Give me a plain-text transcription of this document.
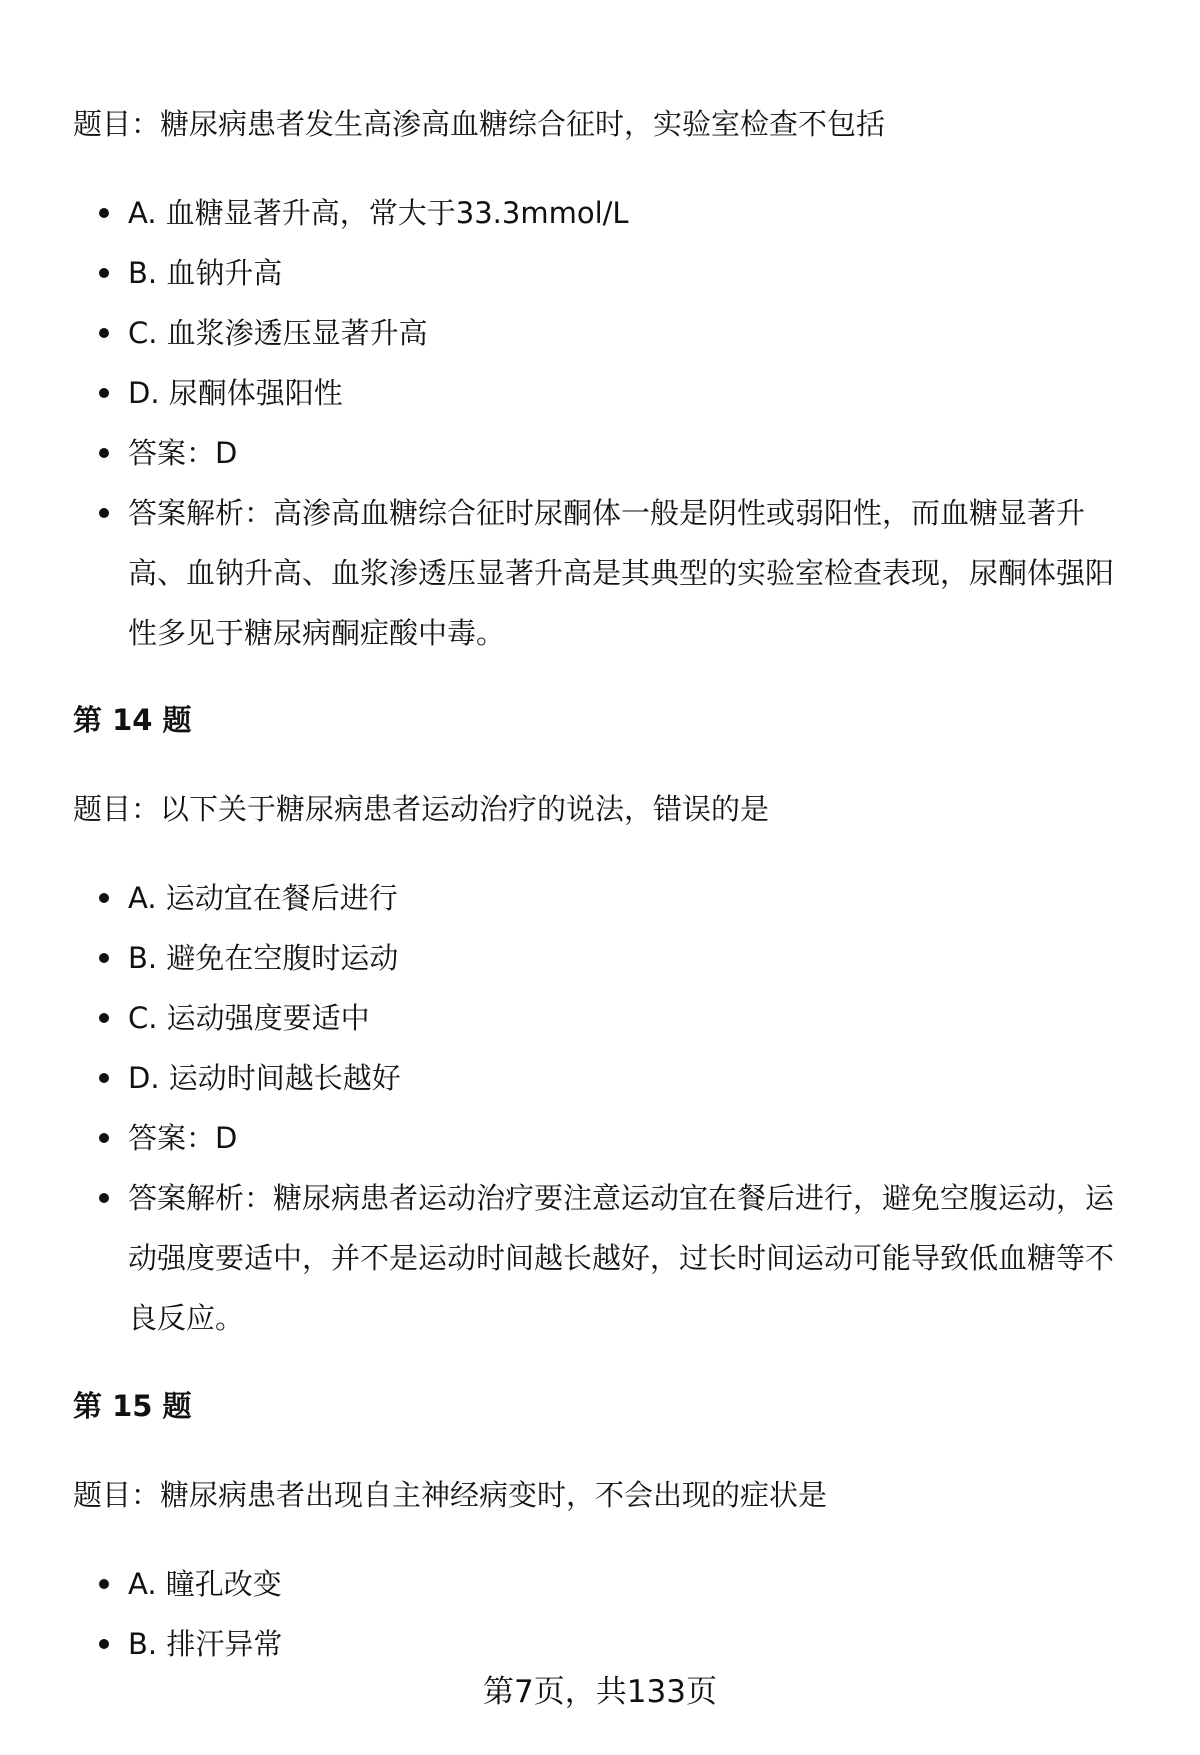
题目：糖尿病患者发生高渗高血糖综合征时，实验室检查不包括
A. 血糖显著升高，常大于33.3mmol/L
B. 血钠升高
C. 血浆渗透压显著升高
D. 尿酮体强阳性
答案：D
答案解析：高渗高血糖综合征时尿酮体一般是阴性或弱阳性，而血糖显著升高、血钠升高、血浆渗透压显著升高是其典型的实验室检查表现，尿酮体强阳性多见于糖尿病酮症酸中毒。
第 14 题
题目：以下关于糖尿病患者运动治疗的说法，错误的是
A. 运动宜在餐后进行
B. 避免在空腹时运动
C. 运动强度要适中
D. 运动时间越长越好
答案：D
答案解析：糖尿病患者运动治疗要注意运动宜在餐后进行，避免空腹运动，运动强度要适中，并不是运动时间越长越好，过长时间运动可能导致低血糖等不良反应。
第 15 题
题目：糖尿病患者出现自主神经病变时，不会出现的症状是
A. 瞳孔改变
B. 排汗异常
第7页，共133页
